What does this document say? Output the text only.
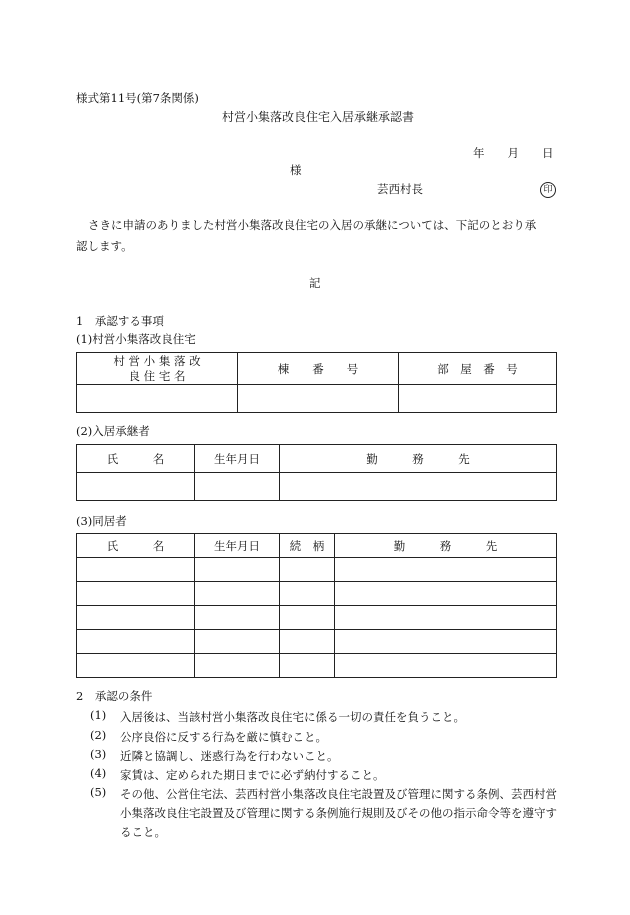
様式第11号(第7条関係)
村営小集落改良住宅入居承継承認書
年　　月　　日
様
芸西村長	印
さきに申請のありました村営小集落改良住宅の入居の承継については、下記のとおり承
認します。
記
1　承認する事項
(1)村営小集落改良住宅
村 営 小 集 落 改
良 住 宅 名	棟　　番　　号	部　屋　番　号

(2)入居承継者
氏　　　名	生年月日	勤　　　務　　　先

(3)同居者
氏　　　名	生年月日	続　柄	勤　　　務　　　先

2　承認の条件
(1)	入居後は、当該村営小集落改良住宅に係る一切の責任を負うこと。
(2)	公序良俗に反する行為を厳に慎むこと。
(3)	近隣と協調し、迷惑行為を行わないこと。
(4)	家賃は、定められた期日までに必ず納付すること。
(5)	その他、公営住宅法、芸西村営小集落改良住宅設置及び管理に関する条例、芸西村営小集落改良住宅設置及び管理に関する条例施行規則及びその他の指示命令等を遵守すること。
